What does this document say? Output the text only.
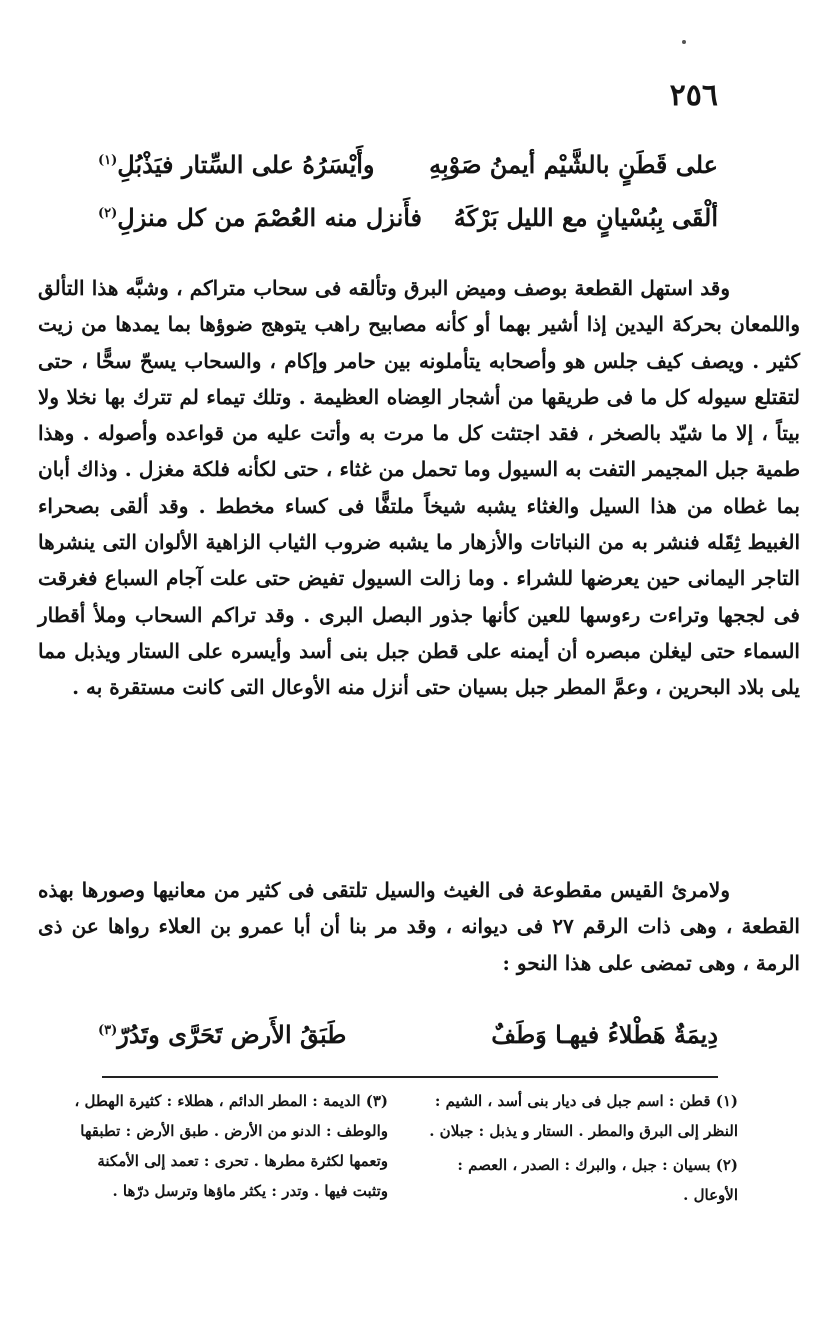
٢٥٦
على قَطَنٍ بالشَّيْم أيمنُ صَوْبِهِ
وأَيْسَرُهُ على السِّتار فيَذْبُلِ$^{(١)}$
ألْقَى بِبُسْيانٍ مع الليل بَرْكَهُ
فأَنزل منه العُصْمَ من كل منزلِ$^{(٢)}$

وقد استهل القطعة بوصف وميض البرق وتألقه فى سحاب متراكم ، وشبَّه هذا التألق واللمعان بحركة اليدين إذا أشير بهما أو كأنه مصابيح راهب يتوهج ضوؤها بما يمدها من زيت كثير . ويصف كيف جلس هو وأصحابه يتأملونه بين حامر وإكام ، والسحاب يسحّ سحًّا ، حتى لتقتلع سيوله كل ما فى طريقها من أشجار العِضاه العظيمة . وتلك تيماء لم تترك بها نخلا ولا بيتاً ، إلا ما شيّد بالصخر ، فقد اجتثت كل ما مرت به وأتت عليه من قواعده وأصوله . وهذا طمية جبل المجيمر التفت به السيول وما تحمل من غثاء ، حتى لكأنه فلكة مغزل . وذاك أبان بما غطاه من هذا السيل والغثاء يشبه شيخاً ملتفًّا فى كساء مخطط . وقد ألقى بصحراء الغبيط ثِقَله فنشر به من النباتات والأزهار ما يشبه ضروب الثياب الزاهية الألوان التى ينشرها التاجر اليمانى حين يعرضها للشراء . وما زالت السيول تفيض حتى علت آجام السباع فغرقت فى لججها وتراءت رءوسها للعين كأنها جذور البصل البرى . وقد تراكم السحاب وملأ أقطار السماء حتى ليغلن مبصره أن أيمنه على قطن جبل بنى أسد وأيسره على الستار ويذبل مما يلى بلاد البحرين ، وعمَّ المطر جبل بسيان حتى أنزل منه الأوعال التى كانت مستقرة به .

ولامرئ القيس مقطوعة فى الغيث والسيل تلتقى فى كثير من معانيها وصورها بهذه القطعة ، وهى ذات الرقم ٢٧ فى ديوانه ، وقد مر بنا أن أبا عمرو بن العلاء رواها عن ذى الرمة ، وهى تمضى على هذا النحو :

دِيمَةٌ هَطْلاءُ فيهـا وَطَفٌ
طَبَقُ الأَرض تَحَرَّى وتَدُرّ$^{(٣)}$

(١) قطن : اسم جبل فى ديار بنى أسد ، الشيم : النظر إلى البرق والمطر . الستار و يذبل : جبلان .

(٢) بسيان : جبل ، والبرك : الصدر ، العصم : الأوعال .

(٣) الديمة : المطر الدائم ، هطلاء : كثيرة الهطل ، والوطف : الدنو من الأرض . طبق الأرض : تطبقها وتعمها لكثرة مطرها . تحرى : تعمد إلى الأمكنة وتثبت فيها . وتدر : يكثر ماؤها وترسل درّها .
